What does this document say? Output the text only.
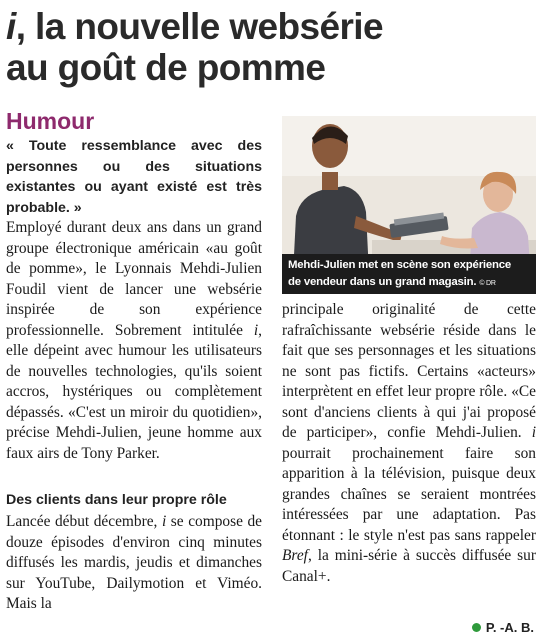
i, la nouvelle websérie
au goût de pomme
Humour

« Toute ressemblance avec des personnes ou des situations existantes ou ayant existé est très probable. »

Employé durant deux ans dans un grand groupe électronique américain «au goût de pomme», le Lyonnais Mehdi-Julien Foudil vient de lancer une websérie inspirée de son expérience professionnelle. Sobrement intitulée i, elle dépeint avec humour les utilisateurs de nouvelles technologies, qu'ils soient accros, hystériques ou complètement dépassés. «C'est un miroir du quotidien», précise Mehdi-Julien, jeune homme aux faux airs de Tony Parker.

Des clients dans leur propre rôle

Lancée début décembre, i se compose de douze épisodes d'environ cinq minutes diffusés les mardis, jeudis et dimanches sur YouTube, Dailymotion et Viméo. Mais la

Mehdi-Julien met en scène son expérience
de vendeur dans un grand magasin. © DR

principale originalité de cette rafraîchissante websérie réside dans le fait que ses personnages et les situations ne sont pas fictifs. Certains «acteurs» interprètent en effet leur propre rôle. «Ce sont d'anciens clients à qui j'ai proposé de participer», confie Mehdi-Julien. i pourrait prochainement faire son apparition à la télévision, puisque deux grandes chaînes se seraient montrées intéressées par une adaptation. Pas étonnant : le style n'est pas sans rappeler Bref, la mini-série à succès diffusée sur Canal+.

P. -A. B.
